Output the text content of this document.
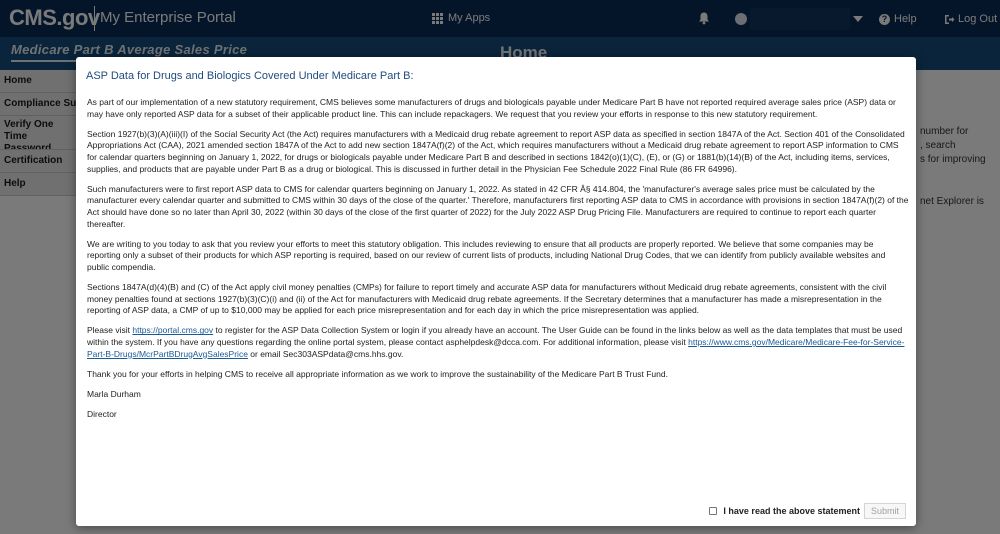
ASP Data for Drugs and Biologics Covered Under Medicare Part B:

As part of our implementation of a new statutory requirement, CMS believes some manufacturers of drugs and biologicals payable under Medicare Part B have not reported required average sales price (ASP) data or may have only reported ASP data for a subset of their applicable product line. This can include repackagers. We request that you review your efforts in response to this new statutory requirement.

Section 1927(b)(3)(A)(iii)(I) of the Social Security Act (the Act) requires manufacturers with a Medicaid drug rebate agreement to report ASP data as specified in section 1847A of the Act. Section 401 of the Consolidated Appropriations Act (CAA), 2021 amended section 1847A of the Act to add new section 1847A(f)(2) of the Act, which requires manufacturers without a Medicaid drug rebate agreement to report ASP information to CMS for calendar quarters beginning on January 1, 2022, for drugs or biologicals payable under Medicare Part B and described in sections 1842(o)(1)(C), (E), or (G) or 1881(b)(14)(B) of the Act, including items, services, supplies, and products that are payable under Part B as a drug or biological. This is discussed in further detail in the Physician Fee Schedule 2022 Final Rule (86 FR 64996).

Such manufacturers were to first report ASP data to CMS for calendar quarters beginning on January 1, 2022. As stated in 42 CFR Â§ 414.804, the 'manufacturer's average sales price must be calculated by the manufacturer every calendar quarter and submitted to CMS within 30 days of the close of the quarter.' Therefore, manufacturers first reporting ASP data to CMS in accordance with provisions in section 1847A(f)(2) of the Act should have done so no later than April 30, 2022 (within 30 days of the close of the first quarter of 2022) for the July 2022 ASP Drug Pricing File. Manufacturers are required to continue to report each quarter thereafter.

We are writing to you today to ask that you review your efforts to meet this statutory obligation. This includes reviewing to ensure that all products are properly reported. We believe that some companies may be reporting only a subset of their products for which ASP reporting is required, based on our review of current lists of products, including National Drug Codes, that we can identify from publicly available websites and public compendia.

Sections 1847A(d)(4)(B) and (C) of the Act apply civil money penalties (CMPs) for failure to report timely and accurate ASP data for manufacturers without Medicaid drug rebate agreements, consistent with the civil money penalties found at sections 1927(b)(3)(C)(i) and (ii) of the Act for manufacturers with Medicaid drug rebate agreements. If the Secretary determines that a manufacturer has made a misrepresentation in the reporting of ASP data, a CMP of up to $10,000 may be applied for each price misrepresentation and for each day in which the price misrepresentation was applied.

Please visit https://portal.cms.gov to register for the ASP Data Collection System or login if you already have an account. The User Guide can be found in the links below as well as the data templates that must be used within the system. If you have any questions regarding the online portal system, please contact asphelpdesk@dcca.com. For additional information, please visit https://www.cms.gov/Medicare/Medicare-Fee-for-Service-Part-B-Drugs/McrPartBDrugAvgSalesPrice or email Sec303ASPdata@cms.hhs.gov.

Thank you for your efforts in helping CMS to receive all appropriate information as we work to improve the sustainability of the Medicare Part B Trust Fund.

Marla Durham

Director

I have read the above statement	Submit
